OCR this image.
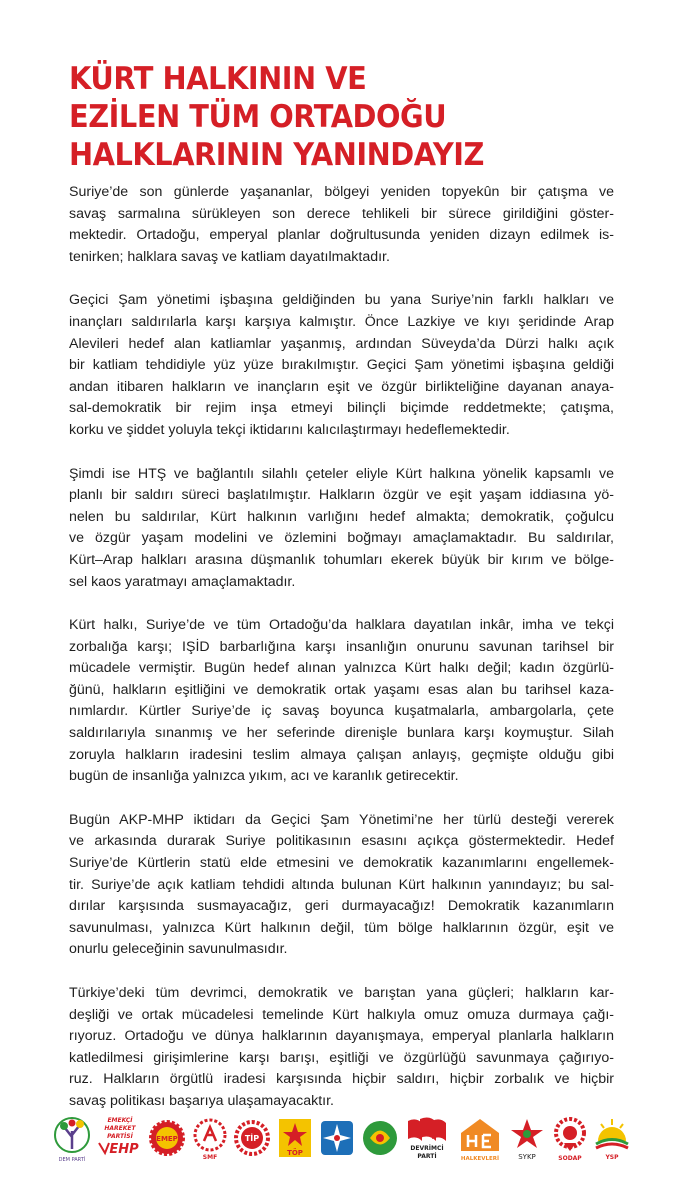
KÜRT HALKININ VE
EZİLEN TÜM ORTADOĞU
HALKLARININ YANINDAYIZ

Suriye’de son günlerde yaşananlar, bölgeyi yeniden topyekûn bir çatışma ve
savaş sarmalına sürükleyen son derece tehlikeli bir sürece girildiğini göster-
mektedir. Ortadoğu, emperyal planlar doğrultusunda yeniden dizayn edilmek is-
tenirken; halklara savaş ve katliam dayatılmaktadır.

Geçici Şam yönetimi işbaşına geldiğinden bu yana Suriye’nin farklı halkları ve
inançları saldırılarla karşı karşıya kalmıştır. Önce Lazkiye ve kıyı şeridinde Arap
Alevileri hedef alan katliamlar yaşanmış, ardından Süveyda’da Dürzi halkı açık
bir katliam tehdidiyle yüz yüze bırakılmıştır. Geçici Şam yönetimi işbaşına geldiği
andan itibaren halkların ve inançların eşit ve özgür birlikteliğine dayanan anaya-
sal-demokratik bir rejim inşa etmeyi bilinçli biçimde reddetmekte; çatışma,
korku ve şiddet yoluyla tekçi iktidarını kalıcılaştırmayı hedeflemektedir.

Şimdi ise HTŞ ve bağlantılı silahlı çeteler eliyle Kürt halkına yönelik kapsamlı ve
planlı bir saldırı süreci başlatılmıştır. Halkların özgür ve eşit yaşam iddiasına yö-
nelen bu saldırılar, Kürt halkının varlığını hedef almakta; demokratik, çoğulcu
ve özgür yaşam modelini ve özlemini boğmayı amaçlamaktadır. Bu saldırılar,
Kürt–Arap halkları arasına düşmanlık tohumları ekerek büyük bir kırım ve bölge-
sel kaos yaratmayı amaçlamaktadır.

Kürt halkı, Suriye’de ve tüm Ortadoğu’da halklara dayatılan inkâr, imha ve tekçi
zorbalığa karşı; IŞİD barbarlığına karşı insanlığın onurunu savunan tarihsel bir
mücadele vermiştir. Bugün hedef alınan yalnızca Kürt halkı değil; kadın özgürlü-
ğünü, halkların eşitliğini ve demokratik ortak yaşamı esas alan bu tarihsel kaza-
nımlardır. Kürtler Suriye’de iç savaş boyunca kuşatmalarla, ambargolarla, çete
saldırılarıyla sınanmış ve her seferinde direnişle bunlara karşı koymuştur. Silah
zoruyla halkların iradesini teslim almaya çalışan anlayış, geçmişte olduğu gibi
bugün de insanlığa yalnızca yıkım, acı ve karanlık getirecektir.

Bugün AKP-MHP iktidarı da Geçici Şam Yönetimi’ne her türlü desteği vererek
ve arkasında durarak Suriye politikasının esasını açıkça göstermektedir. Hedef
Suriye’de Kürtlerin statü elde etmesini ve demokratik kazanımlarını engellemek-
tir. Suriye’de açık katliam tehdidi altında bulunan Kürt halkının yanındayız; bu sal-
dırılar karşısında susmayacağız, geri durmayacağız! Demokratik kazanımların
savunulması, yalnızca Kürt halkının değil, tüm bölge halklarının özgür, eşit ve
onurlu geleceğinin savunulmasıdır.

Türkiye’deki tüm devrimci, demokratik ve barıştan yana güçleri; halkların kar-
deşliği ve ortak mücadelesi temelinde Kürt halkıyla omuz omuza durmaya çağı-
rıyoruz. Ortadoğu ve dünya halklarının dayanışmaya, emperyal planlarla halkların
katledilmesi girişimlerine karşı barışı, eşitliği ve özgürlüğü savunmaya çağırıyo-
ruz. Halkların örgütlü iradesi karşısında hiçbir saldırı, hiçbir zorbalık ve hiçbir
savaş politikası başarıya ulaşamayacaktır.

DEM PARTİ
EMEKÇİ
HAREKET
PARTİSİ
EHP
EMEP
SMF
TİP
TÖP
DEVRİMCİ
PARTİ	HALKEVLERİ	SYKP	SODAP	YSP
